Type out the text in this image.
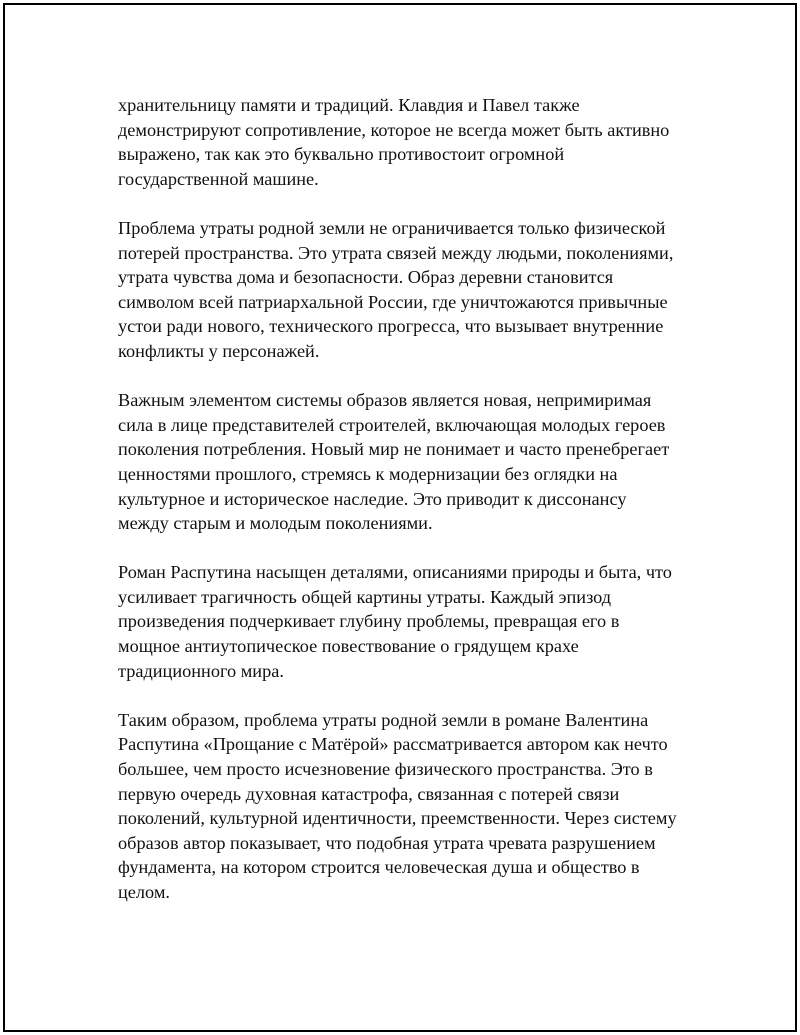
хранительницу памяти и традиций. Клавдия и Павел также
демонстрируют сопротивление, которое не всегда может быть активно
выражено, так как это буквально противостоит огромной
государственной машине.

Проблема утраты родной земли не ограничивается только физической
потерей пространства. Это утрата связей между людьми, поколениями,
утрата чувства дома и безопасности. Образ деревни становится
символом всей патриархальной России, где уничтожаются привычные
устои ради нового, технического прогресса, что вызывает внутренние
конфликты у персонажей.

Важным элементом системы образов является новая, непримиримая
сила в лице представителей строителей, включающая молодых героев
поколения потребления. Новый мир не понимает и часто пренебрегает
ценностями прошлого, стремясь к модернизации без оглядки на
культурное и историческое наследие. Это приводит к диссонансу
между старым и молодым поколениями.

Роман Распутина насыщен деталями, описаниями природы и быта, что
усиливает трагичность общей картины утраты. Каждый эпизод
произведения подчеркивает глубину проблемы, превращая его в
мощное антиутопическое повествование о грядущем крахе
традиционного мира.

Таким образом, проблема утраты родной земли в романе Валентина
Распутина «Прощание с Матёрой» рассматривается автором как нечто
большее, чем просто исчезновение физического пространства. Это в
первую очередь духовная катастрофа, связанная с потерей связи
поколений, культурной идентичности, преемственности. Через систему
образов автор показывает, что подобная утрата чревата разрушением
фундамента, на котором строится человеческая душа и общество в
целом.
